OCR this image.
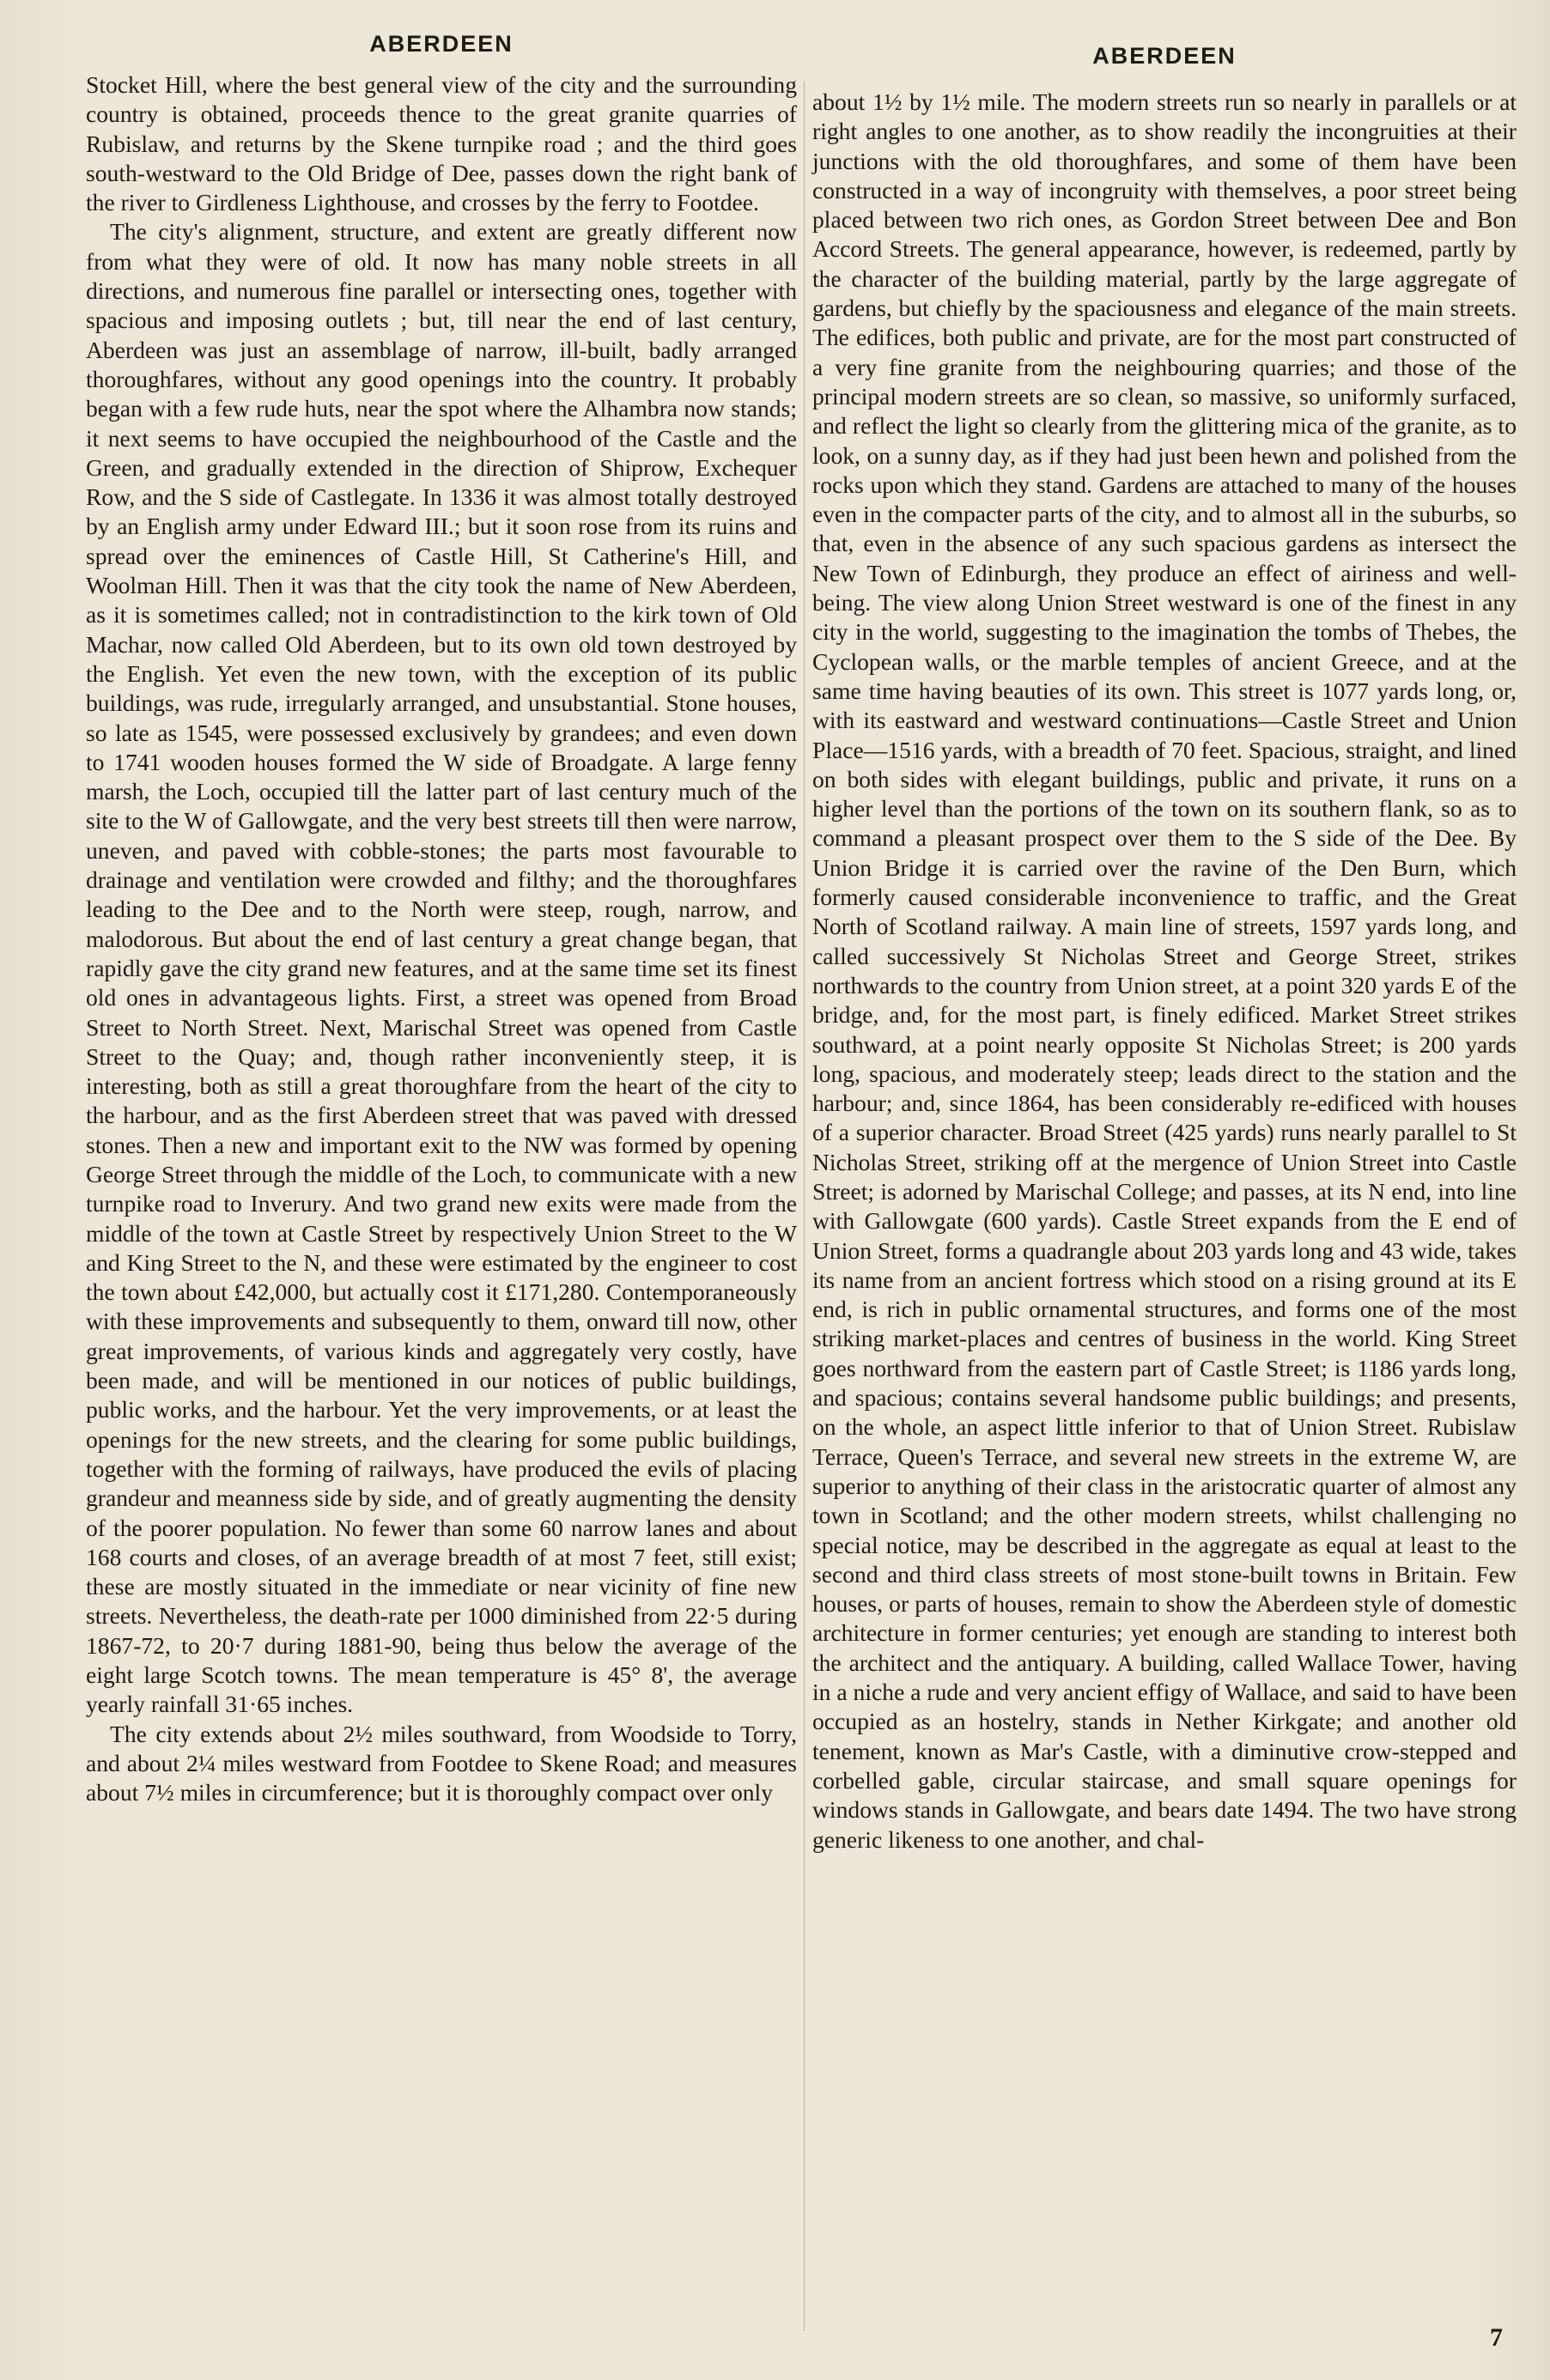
ABERDEEN	ABERDEEN

Stocket Hill, where the best general view of the city and the surrounding country is obtained, proceeds thence to the great granite quarries of Rubislaw, and returns by the Skene turnpike road ; and the third goes south-westward to the Old Bridge of Dee, passes down the right bank of the river to Girdleness Lighthouse, and crosses by the ferry to Footdee.

The city's alignment, structure, and extent are greatly different now from what they were of old. It now has many noble streets in all directions, and numerous fine parallel or intersecting ones, together with spacious and imposing outlets ; but, till near the end of last century, Aberdeen was just an assemblage of narrow, ill-built, badly arranged thoroughfares, without any good openings into the country. It probably began with a few rude huts, near the spot where the Alhambra now stands; it next seems to have occupied the neighbourhood of the Castle and the Green, and gradually extended in the direction of Shiprow, Exchequer Row, and the S side of Castlegate. In 1336 it was almost totally destroyed by an English army under Edward III.; but it soon rose from its ruins and spread over the eminences of Castle Hill, St Catherine's Hill, and Woolman Hill. Then it was that the city took the name of New Aberdeen, as it is sometimes called; not in contradistinction to the kirk town of Old Machar, now called Old Aberdeen, but to its own old town destroyed by the English. Yet even the new town, with the exception of its public buildings, was rude, irregularly arranged, and unsubstantial. Stone houses, so late as 1545, were possessed exclusively by grandees; and even down to 1741 wooden houses formed the W side of Broadgate. A large fenny marsh, the Loch, occupied till the latter part of last century much of the site to the W of Gallowgate, and the very best streets till then were narrow, uneven, and paved with cobble-stones; the parts most favourable to drainage and ventilation were crowded and filthy; and the thoroughfares leading to the Dee and to the North were steep, rough, narrow, and malodorous. But about the end of last century a great change began, that rapidly gave the city grand new features, and at the same time set its finest old ones in advantageous lights. First, a street was opened from Broad Street to North Street. Next, Marischal Street was opened from Castle Street to the Quay; and, though rather inconveniently steep, it is interesting, both as still a great thoroughfare from the heart of the city to the harbour, and as the first Aberdeen street that was paved with dressed stones. Then a new and important exit to the NW was formed by opening George Street through the middle of the Loch, to communicate with a new turnpike road to Inverury. And two grand new exits were made from the middle of the town at Castle Street by respectively Union Street to the W and King Street to the N, and these were estimated by the engineer to cost the town about £42,000, but actually cost it £171,280. Contemporaneously with these improvements and subsequently to them, onward till now, other great improvements, of various kinds and aggregately very costly, have been made, and will be mentioned in our notices of public buildings, public works, and the harbour. Yet the very improvements, or at least the openings for the new streets, and the clearing for some public buildings, together with the forming of railways, have produced the evils of placing grandeur and meanness side by side, and of greatly augmenting the density of the poorer population. No fewer than some 60 narrow lanes and about 168 courts and closes, of an average breadth of at most 7 feet, still exist; these are mostly situated in the immediate or near vicinity of fine new streets. Nevertheless, the death-rate per 1000 diminished from 22·5 during 1867-72, to 20·7 during 1881-90, being thus below the average of the eight large Scotch towns. The mean temperature is 45° 8', the average yearly rainfall 31·65 inches.

The city extends about 2½ miles southward, from Woodside to Torry, and about 2¼ miles westward from Footdee to Skene Road; and measures about 7½ miles in circumference; but it is thoroughly compact over only

about 1½ by 1½ mile. The modern streets run so nearly in parallels or at right angles to one another, as to show readily the incongruities at their junctions with the old thoroughfares, and some of them have been constructed in a way of incongruity with themselves, a poor street being placed between two rich ones, as Gordon Street between Dee and Bon Accord Streets. The general appearance, however, is redeemed, partly by the character of the building material, partly by the large aggregate of gardens, but chiefly by the spaciousness and elegance of the main streets. The edifices, both public and private, are for the most part constructed of a very fine granite from the neighbouring quarries; and those of the principal modern streets are so clean, so massive, so uniformly surfaced, and reflect the light so clearly from the glittering mica of the granite, as to look, on a sunny day, as if they had just been hewn and polished from the rocks upon which they stand. Gardens are attached to many of the houses even in the compacter parts of the city, and to almost all in the suburbs, so that, even in the absence of any such spacious gardens as intersect the New Town of Edinburgh, they produce an effect of airiness and well-being. The view along Union Street westward is one of the finest in any city in the world, suggesting to the imagination the tombs of Thebes, the Cyclopean walls, or the marble temples of ancient Greece, and at the same time having beauties of its own. This street is 1077 yards long, or, with its eastward and westward continuations—Castle Street and Union Place—1516 yards, with a breadth of 70 feet. Spacious, straight, and lined on both sides with elegant buildings, public and private, it runs on a higher level than the portions of the town on its southern flank, so as to command a pleasant prospect over them to the S side of the Dee. By Union Bridge it is carried over the ravine of the Den Burn, which formerly caused considerable inconvenience to traffic, and the Great North of Scotland railway. A main line of streets, 1597 yards long, and called successively St Nicholas Street and George Street, strikes northwards to the country from Union street, at a point 320 yards E of the bridge, and, for the most part, is finely edificed. Market Street strikes southward, at a point nearly opposite St Nicholas Street; is 200 yards long, spacious, and moderately steep; leads direct to the station and the harbour; and, since 1864, has been considerably re-edificed with houses of a superior character. Broad Street (425 yards) runs nearly parallel to St Nicholas Street, striking off at the mergence of Union Street into Castle Street; is adorned by Marischal College; and passes, at its N end, into line with Gallowgate (600 yards). Castle Street expands from the E end of Union Street, forms a quadrangle about 203 yards long and 43 wide, takes its name from an ancient fortress which stood on a rising ground at its E end, is rich in public ornamental structures, and forms one of the most striking market-places and centres of business in the world. King Street goes northward from the eastern part of Castle Street; is 1186 yards long, and spacious; contains several handsome public buildings; and presents, on the whole, an aspect little inferior to that of Union Street. Rubislaw Terrace, Queen's Terrace, and several new streets in the extreme W, are superior to anything of their class in the aristocratic quarter of almost any town in Scotland; and the other modern streets, whilst challenging no special notice, may be described in the aggregate as equal at least to the second and third class streets of most stone-built towns in Britain. Few houses, or parts of houses, remain to show the Aberdeen style of domestic architecture in former centuries; yet enough are standing to interest both the architect and the antiquary. A building, called Wallace Tower, having in a niche a rude and very ancient effigy of Wallace, and said to have been occupied as an hostelry, stands in Nether Kirkgate; and another old tenement, known as Mar's Castle, with a diminutive crow-stepped and corbelled gable, circular staircase, and small square openings for windows stands in Gallowgate, and bears date 1494. The two have strong generic likeness to one another, and chal-

7
